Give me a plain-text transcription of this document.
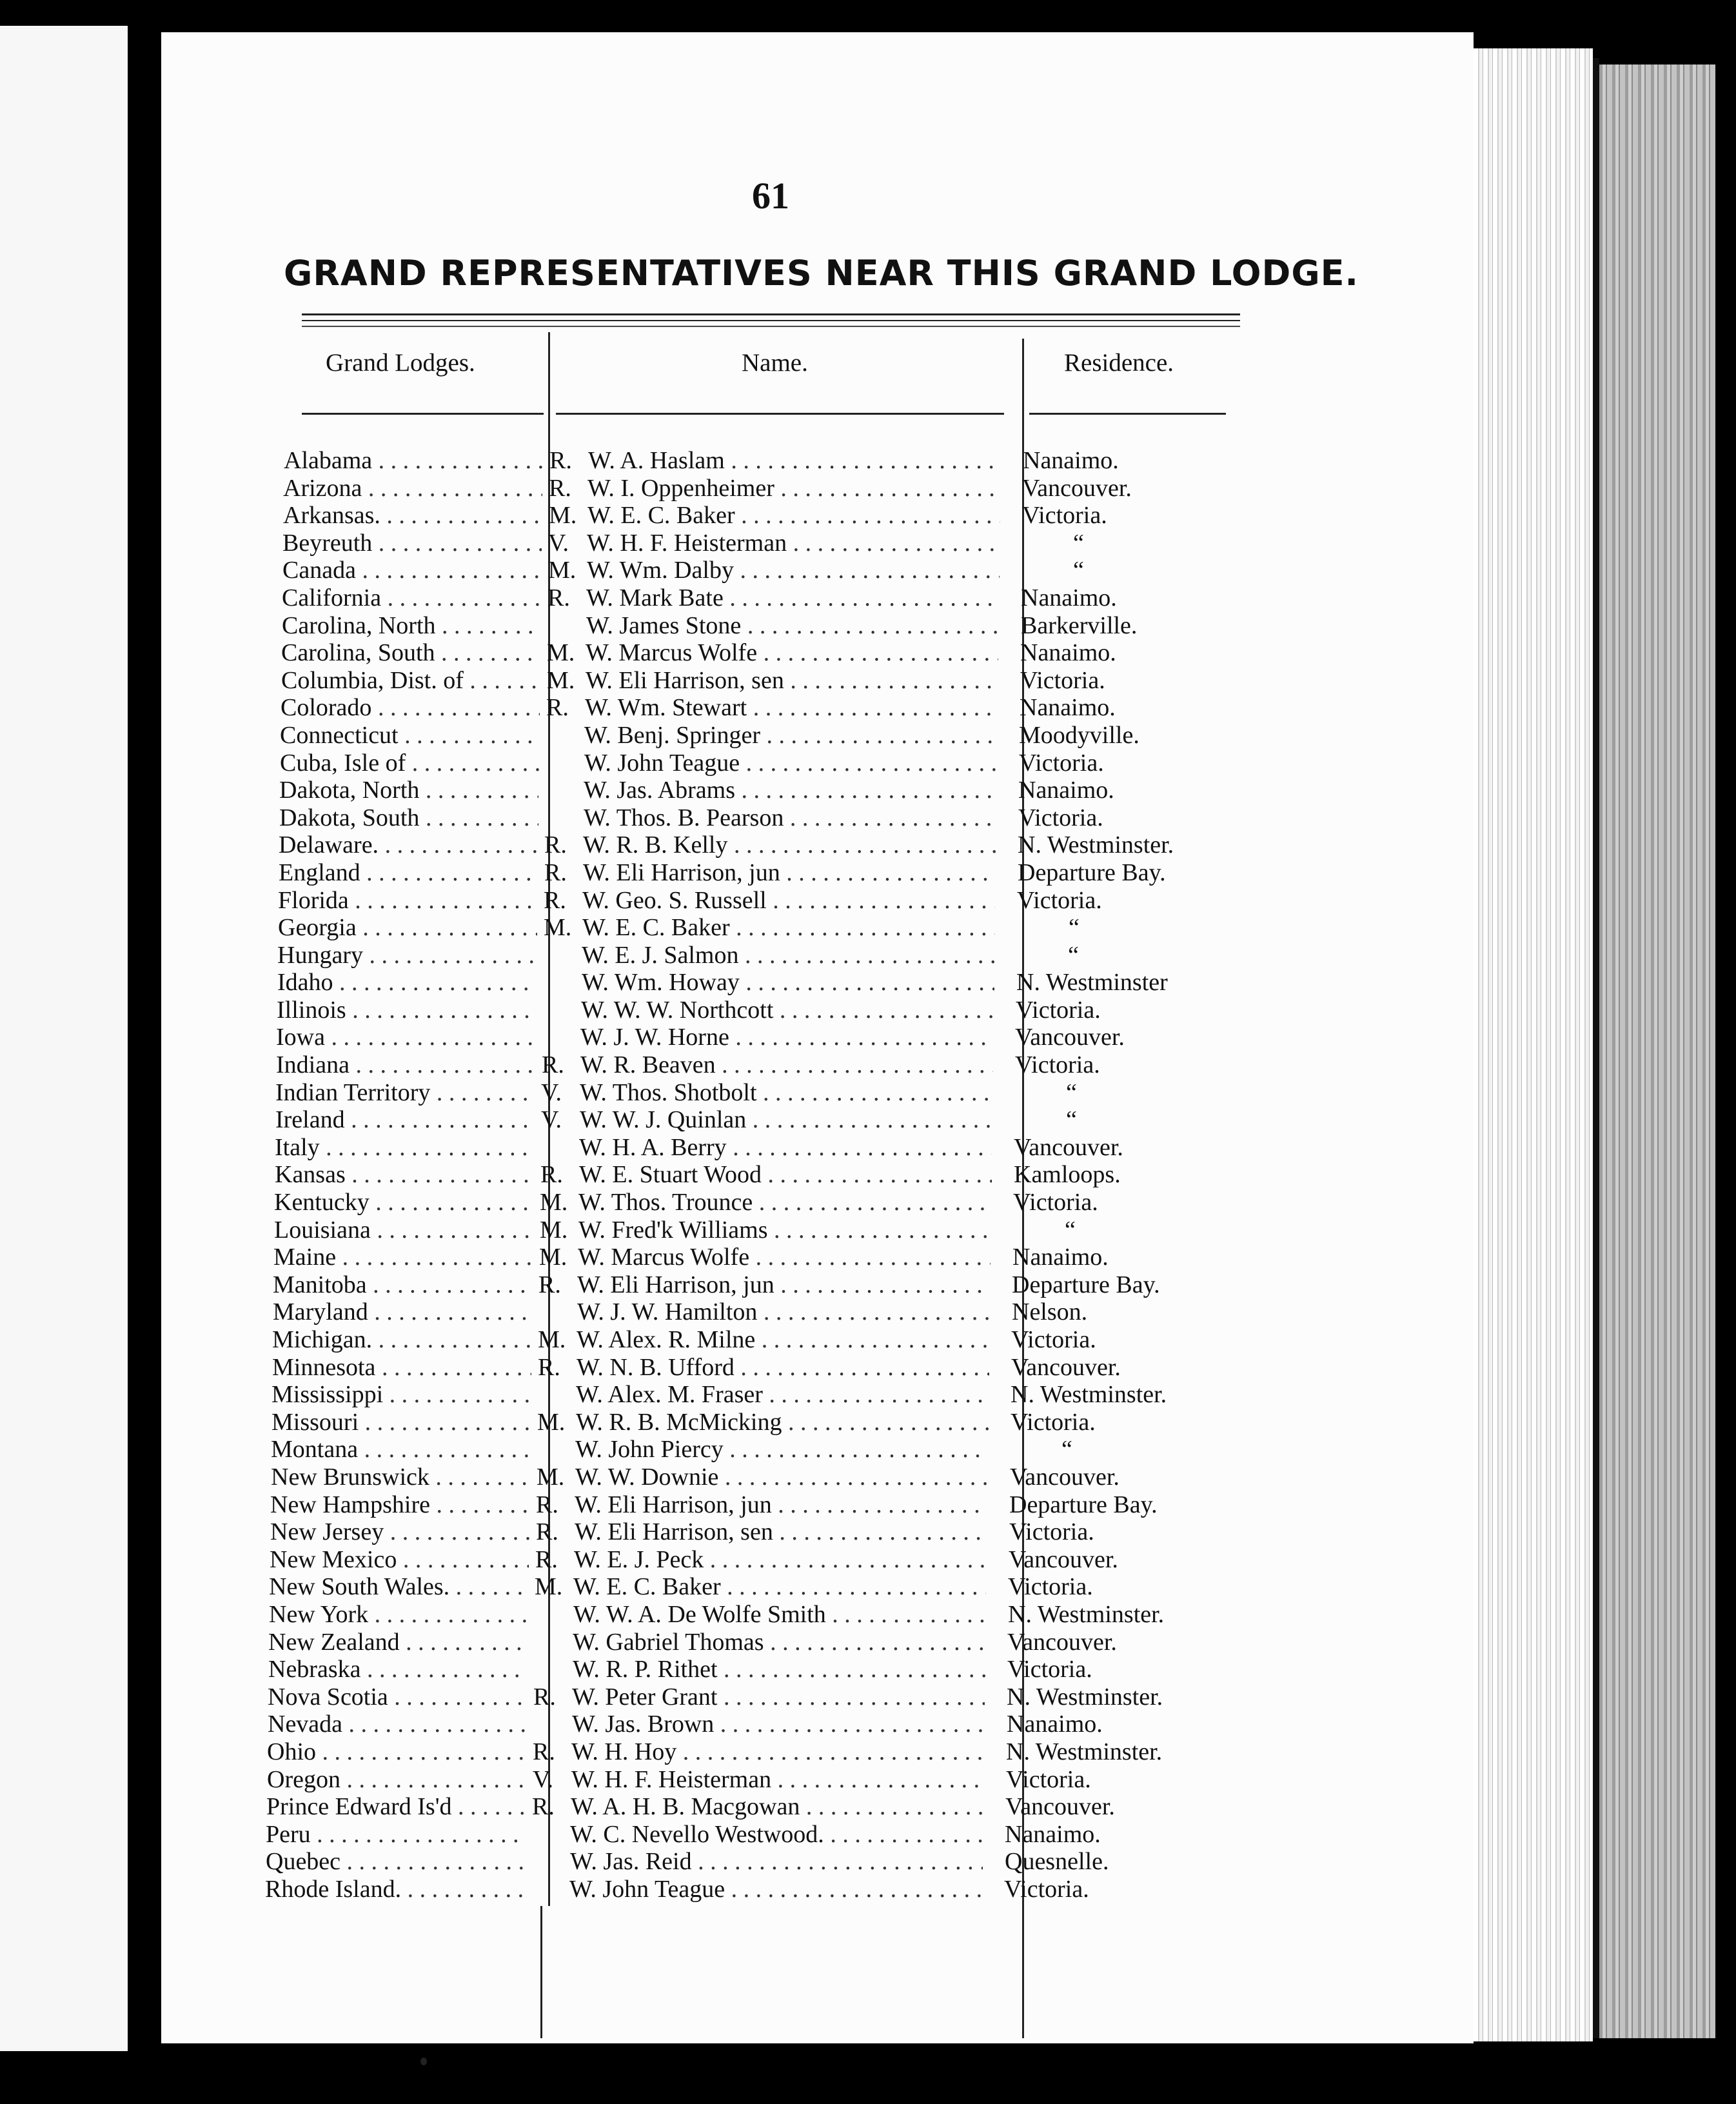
61
GRAND REPRESENTATIVES NEAR THIS GRAND LODGE.
Grand Lodges.	Name.	Residence.
Alabama . . .	R. W. A. Haslam . . .	Nanaimo.
Arizona . . .	R. W. I. Oppenheimer . . .	Vancouver.
Arkansas. . . .	M. W. E. C. Baker . . .	Victoria.
Beyreuth . . .	V. W. H. F. Heisterman . . .	“
Canada . . .	M. W. Wm. Dalby . . .	“
California . . .	R. W. Mark Bate . . .	Nanaimo.
Carolina, North . . .	W. James Stone . . .	Barkerville.
Carolina, South . . .	M. W. Marcus Wolfe . . .	Nanaimo.
Columbia, Dist. of . . .	M. W. Eli Harrison, sen . . .	Victoria.
Colorado . . .	R. W. Wm. Stewart . . .	Nanaimo.
Connecticut . . .	W. Benj. Springer . . .	Moodyville.
Cuba, Isle of . . .	W. John Teague . . .	Victoria.
Dakota, North . . .	W. Jas. Abrams . . .	Nanaimo.
Dakota, South . . .	W. Thos. B. Pearson . . .	Victoria.
Delaware. . . .	R. W. R. B. Kelly . . .	N. Westminster.
England . . .	R. W. Eli Harrison, jun . . .	Departure Bay.
Florida . . .	R. W. Geo. S. Russell . . .	Victoria.
Georgia . . .	M. W. E. C. Baker . . .	“
Hungary . . .	W. E. J. Salmon . . .	“
Idaho . . .	W. Wm. Howay . . .	N. Westminster
Illinois . . .	W. W. W. Northcott . . .	Victoria.
Iowa . . .	W. J. W. Horne . . .	Vancouver.
Indiana . . .	R. W. R. Beaven . . .	Victoria.
Indian Territory . . .	V. W. Thos. Shotbolt . . .	“
Ireland . . .	V. W. W. J. Quinlan . . .	“
Italy . . .	W. H. A. Berry . . .	Vancouver.
Kansas . . .	R. W. E. Stuart Wood . . .	Kamloops.
Kentucky . . .	M. W. Thos. Trounce . . .	Victoria.
Louisiana . . .	M. W. Fred'k Williams . . .	“
Maine . . .	M. W. Marcus Wolfe . . .	Nanaimo.
Manitoba . . .	R. W. Eli Harrison, jun . . .	Departure Bay.
Maryland . . .	W. J. W. Hamilton . . .	Nelson.
Michigan. . . .	M. W. Alex. R. Milne . . .	Victoria.
Minnesota . . .	R. W. N. B. Ufford . . .	Vancouver.
Mississippi . . .	W. Alex. M. Fraser . . .	N. Westminster.
Missouri . . .	M. W. R. B. McMicking . . .	Victoria.
Montana . . .	W. John Piercy . . .	“
New Brunswick . . .	M. W. W. Downie . . .	Vancouver.
New Hampshire . . .	R. W. Eli Harrison, jun . . .	Departure Bay.
New Jersey . . .	R. W. Eli Harrison, sen . . .	Victoria.
New Mexico . . .	R. W. E. J. Peck . . .	Vancouver.
New South Wales. . . .	M. W. E. C. Baker . . .	Victoria.
New York . . .	W. W. A. De Wolfe Smith . . .	N. Westminster.
New Zealand . . .	W. Gabriel Thomas . . .	Vancouver.
Nebraska . . .	W. R. P. Rithet . . .	Victoria.
Nova Scotia . . .	R. W. Peter Grant . . .	N. Westminster.
Nevada . . .	W. Jas. Brown . . .	Nanaimo.
Ohio . . .	R. W. H. Hoy . . .	N. Westminster.
Oregon . . .	V. W. H. F. Heisterman . . .	Victoria.
Prince Edward Is'd . . .	R. W. A. H. B. Macgowan . . .	Vancouver.
Peru . . .	W. C. Nevello Westwood. . . .	Nanaimo.
Quebec . . .	W. Jas. Reid . . .	Quesnelle.
Rhode Island. . . .	W. John Teague . . .	Victoria.
